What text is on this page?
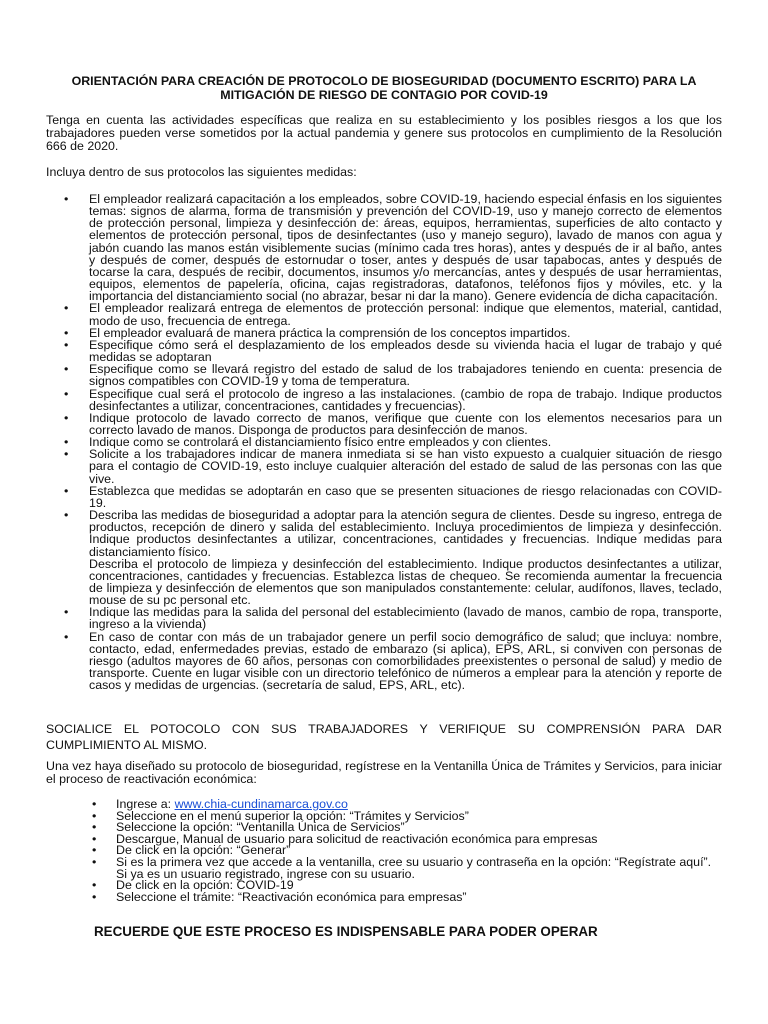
ORIENTACIÓN PARA CREACIÓN DE PROTOCOLO DE BIOSEGURIDAD (DOCUMENTO ESCRITO) PARA LA
MITIGACIÓN DE RIESGO DE CONTAGIO POR COVID-19

Tenga en cuenta las actividades específicas que realiza en su establecimiento y los posibles riesgos a los que los trabajadores pueden verse sometidos por la actual pandemia y genere sus protocolos en cumplimiento de la Resolución 666 de 2020.

Incluya dentro de sus protocolos las siguientes medidas:

• El empleador realizará capacitación a los empleados, sobre COVID-19, haciendo especial énfasis en los siguientes temas: signos de alarma, forma de transmisión y prevención del COVID-19, uso y manejo correcto de elementos de protección personal, limpieza y desinfección de: áreas, equipos, herramientas, superficies de alto contacto y elementos de protección personal, tipos de desinfectantes (uso y manejo seguro), lavado de manos con agua y jabón cuando las manos están visiblemente sucias (mínimo cada tres horas), antes y después de ir al baño, antes y después de comer, después de estornudar o toser, antes y después de usar tapabocas, antes y después de tocarse la cara, después de recibir, documentos, insumos y/o mercancías, antes y después de usar herramientas, equipos, elementos de papelería, oficina, cajas registradoras, datafonos, teléfonos fijos y móviles, etc. y la importancia del distanciamiento social (no abrazar, besar ni dar la mano). Genere evidencia de dicha capacitación.
• El empleador realizará entrega de elementos de protección personal: indique que elementos, material, cantidad, modo de uso, frecuencia de entrega.
• El empleador evaluará de manera práctica la comprensión de los conceptos impartidos.
• Especifique cómo será el desplazamiento de los empleados desde su vivienda hacia el lugar de trabajo y qué medidas se adoptaran
• Especifique como se llevará registro del estado de salud de los trabajadores teniendo en cuenta: presencia de signos compatibles con COVID-19 y toma de temperatura.
• Especifique cual será el protocolo de ingreso a las instalaciones. (cambio de ropa de trabajo. Indique productos desinfectantes a utilizar, concentraciones, cantidades y frecuencias).
• Indique protocolo de lavado correcto de manos, verifique que cuente con los elementos necesarios para un correcto lavado de manos. Disponga de productos para desinfección de manos.
• Indique como se controlará el distanciamiento físico entre empleados y con clientes.
• Solicite a los trabajadores indicar de manera inmediata si se han visto expuesto a cualquier situación de riesgo para el contagio de COVID-19, esto incluye cualquier alteración del estado de salud de las personas con las que vive.
• Establezca que medidas se adoptarán en caso que se presenten situaciones de riesgo relacionadas con COVID-19.
• Describa las medidas de bioseguridad a adoptar para la atención segura de clientes. Desde su ingreso, entrega de productos, recepción de dinero y salida del establecimiento. Incluya procedimientos de limpieza y desinfección. Indique productos desinfectantes a utilizar, concentraciones, cantidades y frecuencias. Indique medidas para distanciamiento físico.
Describa el protocolo de limpieza y desinfección del establecimiento. Indique productos desinfectantes a utilizar, concentraciones, cantidades y frecuencias. Establezca listas de chequeo. Se recomienda aumentar la frecuencia de limpieza y desinfección de elementos que son manipulados constantemente: celular, audífonos, llaves, teclado, mouse de su pc personal etc.
• Indique las medidas para la salida del personal del establecimiento (lavado de manos, cambio de ropa, transporte, ingreso a la vivienda)
• En caso de contar con más de un trabajador genere un perfil socio demográfico de salud; que incluya: nombre, contacto, edad, enfermedades previas, estado de embarazo (si aplica), EPS, ARL, si conviven con personas de riesgo (adultos mayores de 60 años, personas con comorbilidades preexistentes o personal de salud) y medio de transporte. Cuente en lugar visible con un directorio telefónico de números a emplear para la atención y reporte de casos y medidas de urgencias. (secretaría de salud, EPS, ARL, etc).

SOCIALICE EL POTOCOLO CON SUS TRABAJADORES Y VERIFIQUE SU COMPRENSIÓN PARA DAR CUMPLIMIENTO AL MISMO.

Una vez haya diseñado su protocolo de bioseguridad, regístrese en la Ventanilla Única de Trámites y Servicios, para iniciar el proceso de reactivación económica:

• Ingrese a: www.chia-cundinamarca.gov.co
• Seleccione en el menú superior la opción: “Trámites y Servicios”
• Seleccione la opción: “Ventanilla Única de Servicios”
• Descargue, Manual de usuario para solicitud de reactivación económica para empresas
• De click en la opción: “Generar”
• Si es la primera vez que accede a la ventanilla, cree su usuario y contraseña en la opción: “Regístrate aquí”. Si ya es un usuario registrado, ingrese con su usuario.
• De click en la opción: COVID-19
• Seleccione el trámite: “Reactivación económica para empresas”

RECUERDE QUE ESTE PROCESO ES INDISPENSABLE PARA PODER OPERAR
